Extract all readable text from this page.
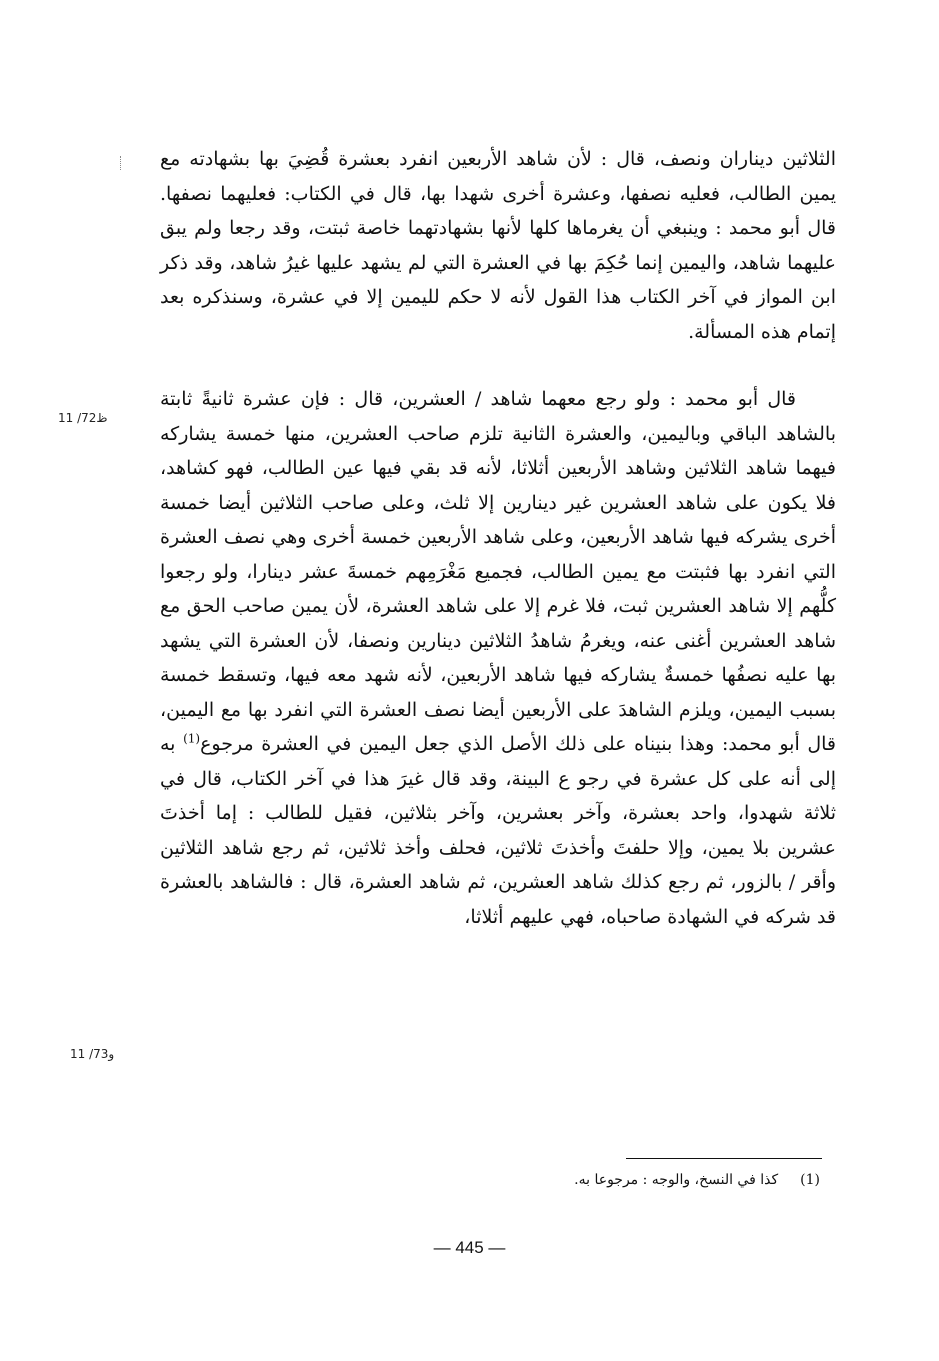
الثلاثين ديناران ونصف، قال : لأن شاهد الأربعين انفرد بعشرة قُضِيَ بها بشهادته مع يمين الطالب، فعليه نصفها، وعشرة أخرى شهدا بها، قال في الكتاب: فعليهما نصفها. قال أبو محمد : وينبغي أن يغرماها كلها لأنها بشهادتهما خاصة ثبتت، وقد رجعا ولم يبق عليهما شاهد، واليمين إنما حُكِمَ بها في العشرة التي لم يشهد عليها غيرُ شاهد، وقد ذكر ابن المواز في آخر الكتاب هذا القول لأنه لا حكم لليمين إلا في عشرة، وسنذكره بعد إتمام هذه المسألة.

قال أبو محمد : ولو رجع معهما شاهد / العشرين، قال : فإن عشرة ثانيةً ثابتة بالشاهد الباقي وباليمين، والعشرة الثانية تلزم صاحب العشرين، منها خمسة يشاركه فيهما شاهد الثلاثين وشاهد الأربعين أثلاثا، لأنه قد بقي فيها عين الطالب، فهو كشاهد، فلا يكون على شاهد العشرين غير دينارين إلا ثلث، وعلى صاحب الثلاثين أيضا خمسة أخرى يشركه فيها شاهد الأربعين، وعلى شاهد الأربعين خمسة أخرى وهي نصف العشرة التي انفرد بها فثبتت مع يمين الطالب، فجميع مَغْرَمِهم خمسةَ عشر دينارا، ولو رجعوا كلُّهم إلا شاهد العشرين ثبت، فلا غرم إلا على شاهد العشرة، لأن يمين صاحب الحق مع شاهد العشرين أغنى عنه، ويغرمُ شاهدُ الثلاثين دينارين ونصفا، لأن العشرة التي يشهد بها عليه نصفُها خمسةٌ يشاركه فيها شاهد الأربعين، لأنه شهد معه فيها، وتسقط خمسة بسبب اليمين، ويلزم الشاهدَ على الأربعين أيضا نصف العشرة التي انفرد بها مع اليمين، قال أبو محمد: وهذا بنيناه على ذلك الأصل الذي جعل اليمين في العشرة مرجوع$^{(1)}$ به إلى أنه على كل عشرة في رجو ع البينة، وقد قال غيرَ هذا في آخر الكتاب، قال في ثلاثة شهدوا، واحد بعشرة، وآخر بعشرين، وآخر بثلاثين، فقيل للطالب : إما أخذتَ عشرين بلا يمين، وإلا حلفتَ وأخذتَ ثلاثين، فحلف وأخذ ثلاثين، ثم رجع شاهد الثلاثين وأقر / بالزور، ثم رجع كذلك شاهد العشرين، ثم شاهد العشرة، قال : فالشاهد بالعشرة قد شركه في الشهادة صاحباه، فهي عليهم أثلاثا،

11 /72ظ
11 /73و
(1)كذا في النسخ، والوجه : مرجوعا به.
— 445 —
